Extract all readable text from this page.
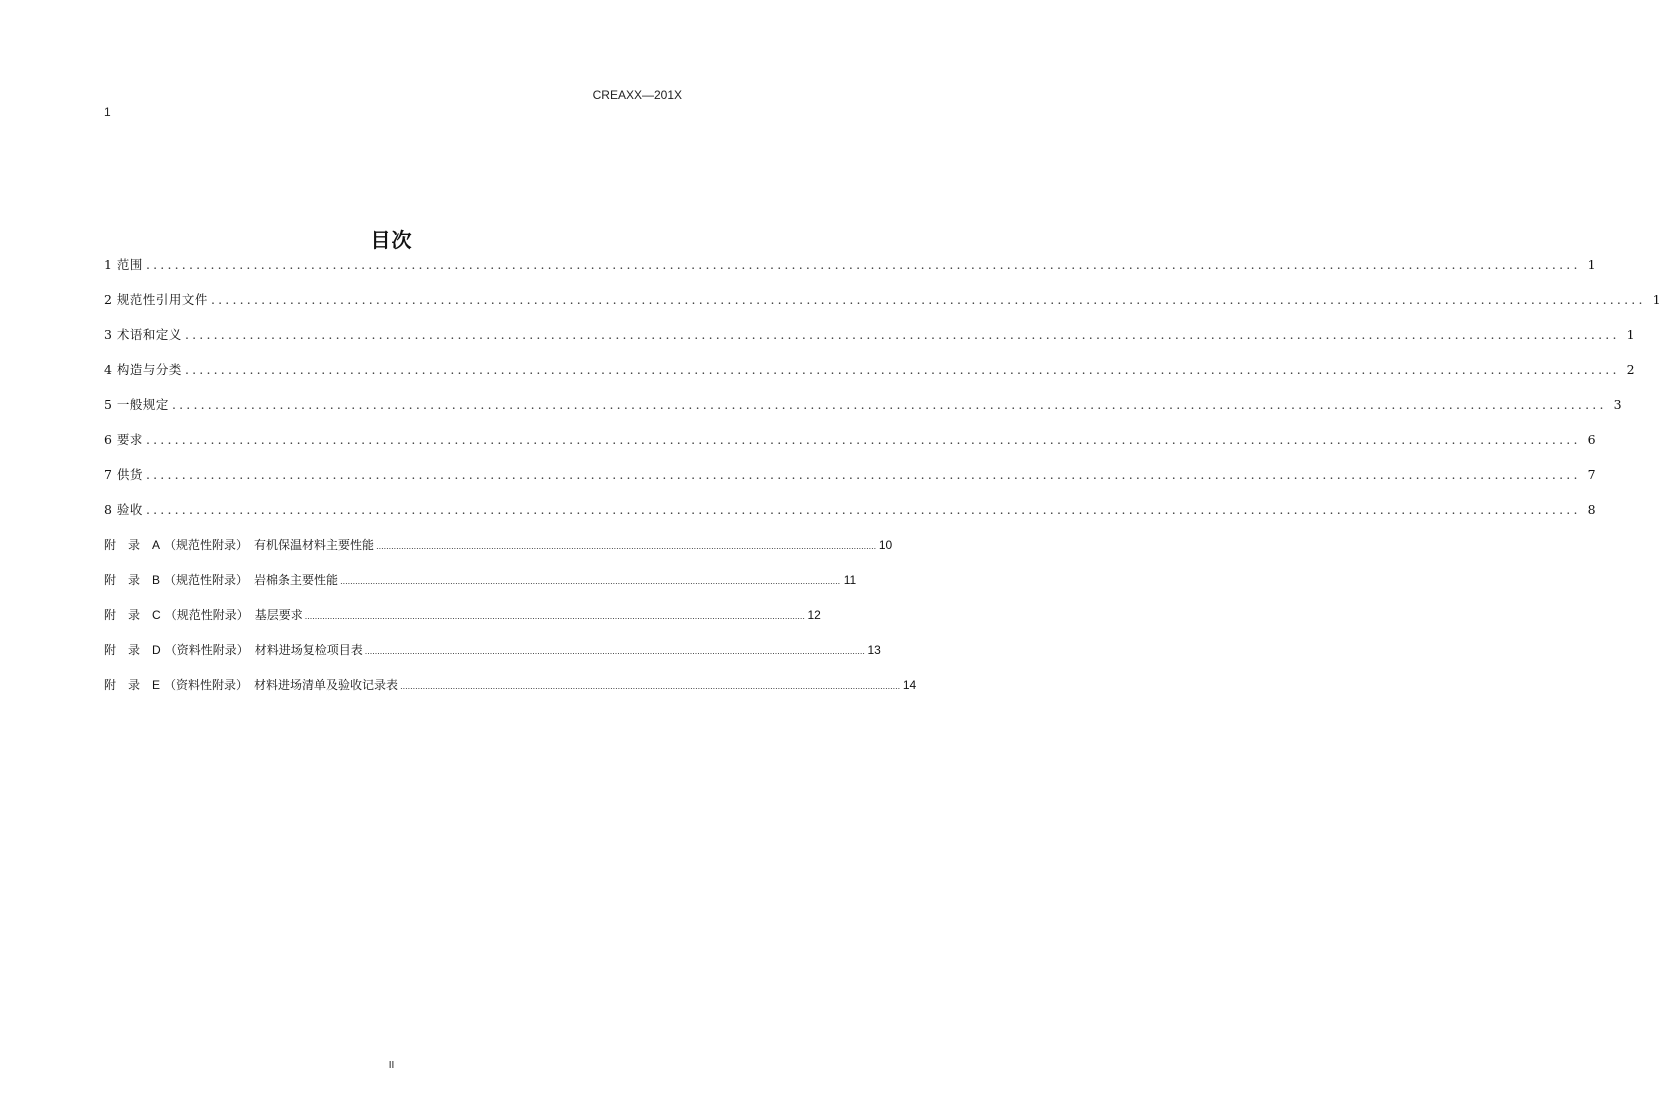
CREAXX—201X
1
目次
1 范围 ........................................................................................................................................................................................................ 1
2 规范性引用文件 ........................................................................................................................................................................................................ 1
3 术语和定义 ........................................................................................................................................................................................................ 1
4 构造与分类 ........................................................................................................................................................................................................ 2
5 一般规定 ........................................................................................................................................................................................................ 3
6 要求 ........................................................................................................................................................................................................ 6
7 供货 ........................................................................................................................................................................................................ 7
8 验收 ........................................................................................................................................................................................................ 8
附录 A （规范性附录） 有机保温材料主要性能 ........................................................................................................................................................................................................ 10
附录 B （规范性附录） 岩棉条主要性能 ........................................................................................................................................................................................................ 11
附录 C （规范性附录） 基层要求 ........................................................................................................................................................................................................ 12
附录 D （资料性附录） 材料进场复检项目表 ........................................................................................................................................................................................................ 13
附录 E （资料性附录） 材料进场清单及验收记录表 ........................................................................................................................................................................................................ 14
II
